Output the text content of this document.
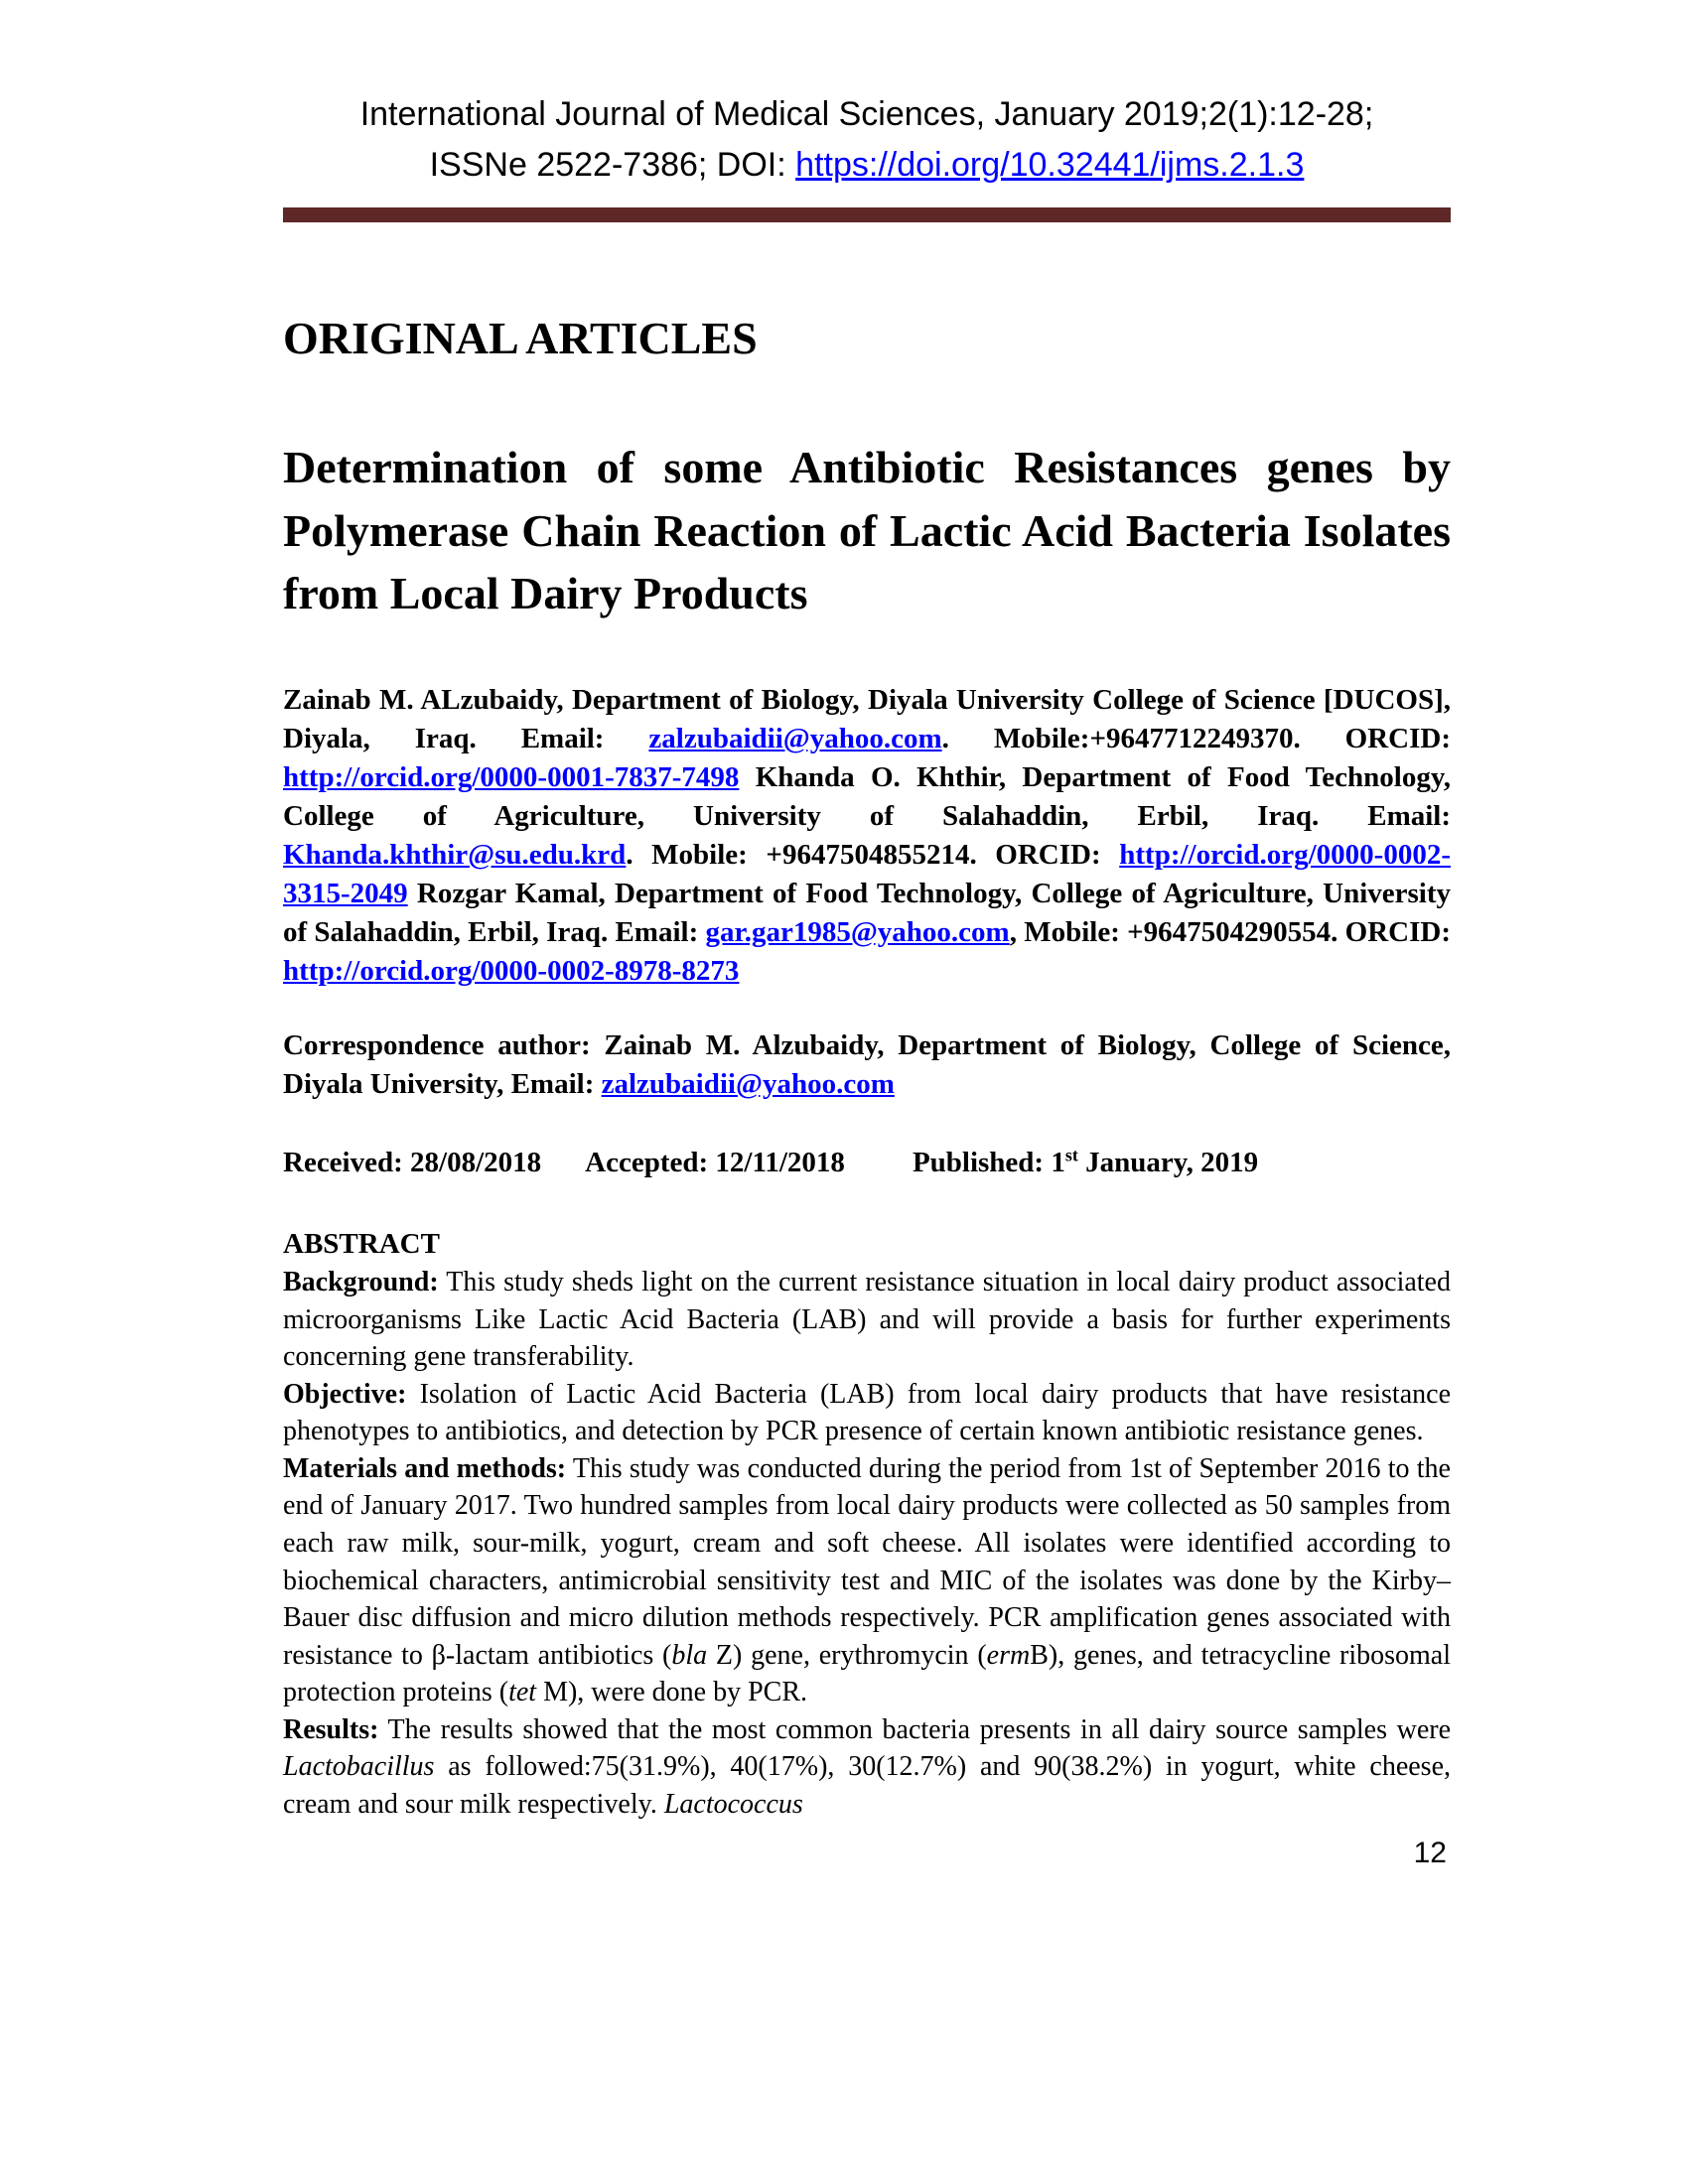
International Journal of Medical Sciences, January 2019;2(1):12-28;
ISSNe 2522-7386; DOI: https://doi.org/10.32441/ijms.2.1.3
ORIGINAL ARTICLES
Determination of some Antibiotic Resistances genes by Polymerase Chain Reaction of Lactic Acid Bacteria Isolates from Local Dairy Products

Zainab M. ALzubaidy, Department of Biology, Diyala University College of Science [DUCOS], Diyala, Iraq. Email: zalzubaidii@yahoo.com. Mobile:+9647712249370. ORCID: http://orcid.org/0000-0001-7837-7498 Khanda O. Khthir, Department of Food Technology, College of Agriculture, University of Salahaddin, Erbil, Iraq. Email: Khanda.khthir@su.edu.krd. Mobile: +9647504855214. ORCID: http://orcid.org/0000-0002-3315-2049 Rozgar Kamal, Department of Food Technology, College of Agriculture, University of Salahaddin, Erbil, Iraq. Email: gar.gar1985@yahoo.com, Mobile: +9647504290554. ORCID: http://orcid.org/0000-0002-8978-8273

Correspondence author: Zainab M. Alzubaidy, Department of Biology, College of Science, Diyala University, Email: zalzubaidii@yahoo.com

Received: 28/08/2018 Accepted: 12/11/2018 Published: 1st January, 2019

ABSTRACT

Background: This study sheds light on the current resistance situation in local dairy product associated microorganisms Like Lactic Acid Bacteria (LAB) and will provide a basis for further experiments concerning gene transferability.

Objective: Isolation of Lactic Acid Bacteria (LAB) from local dairy products that have resistance phenotypes to antibiotics, and detection by PCR presence of certain known antibiotic resistance genes.

Materials and methods: This study was conducted during the period from 1st of September 2016 to the end of January 2017. Two hundred samples from local dairy products were collected as 50 samples from each raw milk, sour-milk, yogurt, cream and soft cheese. All isolates were identified according to biochemical characters, antimicrobial sensitivity test and MIC of the isolates was done by the Kirby–Bauer disc diffusion and micro dilution methods respectively. PCR amplification genes associated with resistance to β-lactam antibiotics (bla Z) gene, erythromycin (ermB), genes, and tetracycline ribosomal protection proteins (tet M), were done by PCR.

Results: The results showed that the most common bacteria presents in all dairy source samples were Lactobacillus as followed:75(31.9%), 40(17%), 30(12.7%) and 90(38.2%) in yogurt, white cheese, cream and sour milk respectively. Lactococcus

12
